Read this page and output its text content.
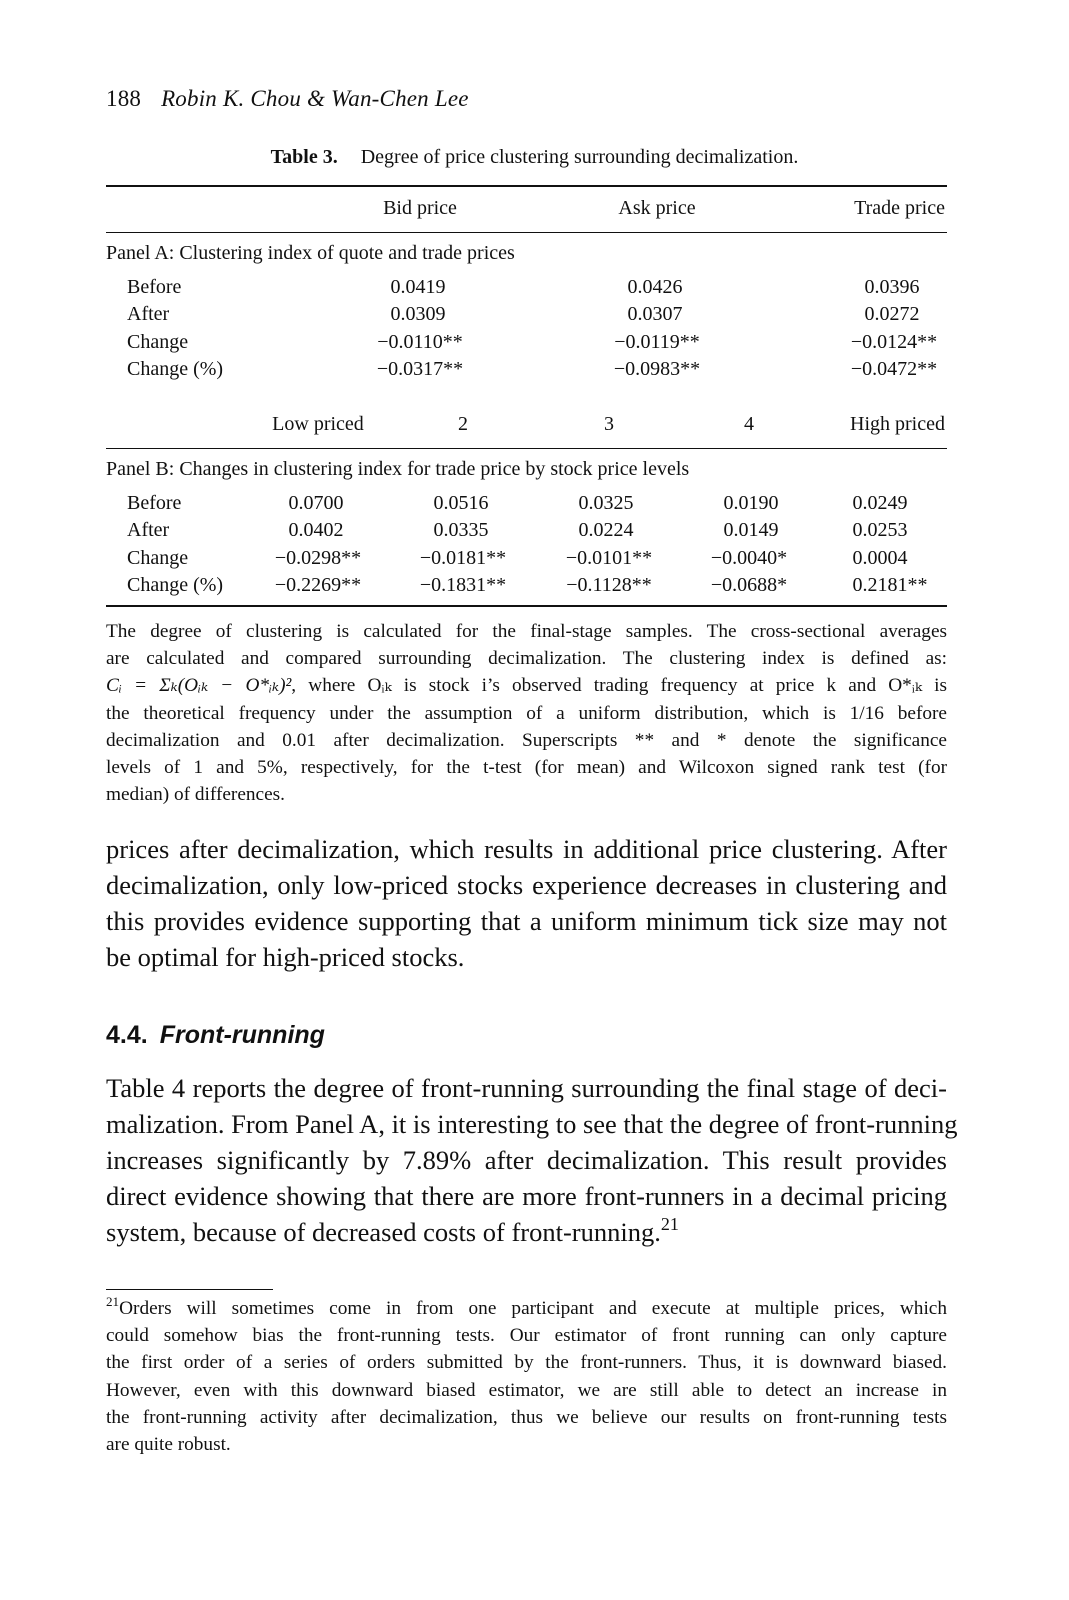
188 Robin K. Chou & Wan-Chen Lee
Table 3. Degree of price clustering surrounding decimalization.
Bid price	Ask price	Trade price
Panel A: Clustering index of quote and trade prices
Before	0.0419	0.0426	0.0396
After	0.0309	0.0307	0.0272
Change	−0.0110**	−0.0119**	−0.0124**
Change (%)	−0.0317**	−0.0983**	−0.0472**
Low priced	2	3	4	High priced
Panel B: Changes in clustering index for trade price by stock price levels
Before	0.0700	0.0516	0.0325	0.0190	0.0249
After	0.0402	0.0335	0.0224	0.0149	0.0253
Change	−0.0298**	−0.0181**	−0.0101**	−0.0040*	0.0004
Change (%)	−0.2269**	−0.1831**	−0.1128**	−0.0688*	0.2181**
The degree of clustering is calculated for the final-stage samples. The cross-sectional averages
are calculated and compared surrounding decimalization. The clustering index is defined as:
Cᵢ = Σₖ(Oᵢₖ − O*ᵢₖ)², where Oᵢₖ is stock i’s observed trading frequency at price k and O*ᵢₖ is
the theoretical frequency under the assumption of a uniform distribution, which is 1/16 before
decimalization and 0.01 after decimalization. Superscripts ** and * denote the significance
levels of 1 and 5%, respectively, for the t-test (for mean) and Wilcoxon signed rank test (for
median) of differences.
prices after decimalization, which results in additional price clustering. After
decimalization, only low-priced stocks experience decreases in clustering and
this provides evidence supporting that a uniform minimum tick size may not
be optimal for high-priced stocks.
4.4. Front-running
Table 4 reports the degree of front-running surrounding the final stage of deci-
malization. From Panel A, it is interesting to see that the degree of front-running
increases significantly by 7.89% after decimalization. This result provides
direct evidence showing that there are more front-runners in a decimal pricing
system, because of decreased costs of front-running.$^{21}$
$^{21}$Orders will sometimes come in from one participant and execute at multiple prices, which
could somehow bias the front-running tests. Our estimator of front running can only capture
the first order of a series of orders submitted by the front-runners. Thus, it is downward biased.
However, even with this downward biased estimator, we are still able to detect an increase in
the front-running activity after decimalization, thus we believe our results on front-running tests
are quite robust.
